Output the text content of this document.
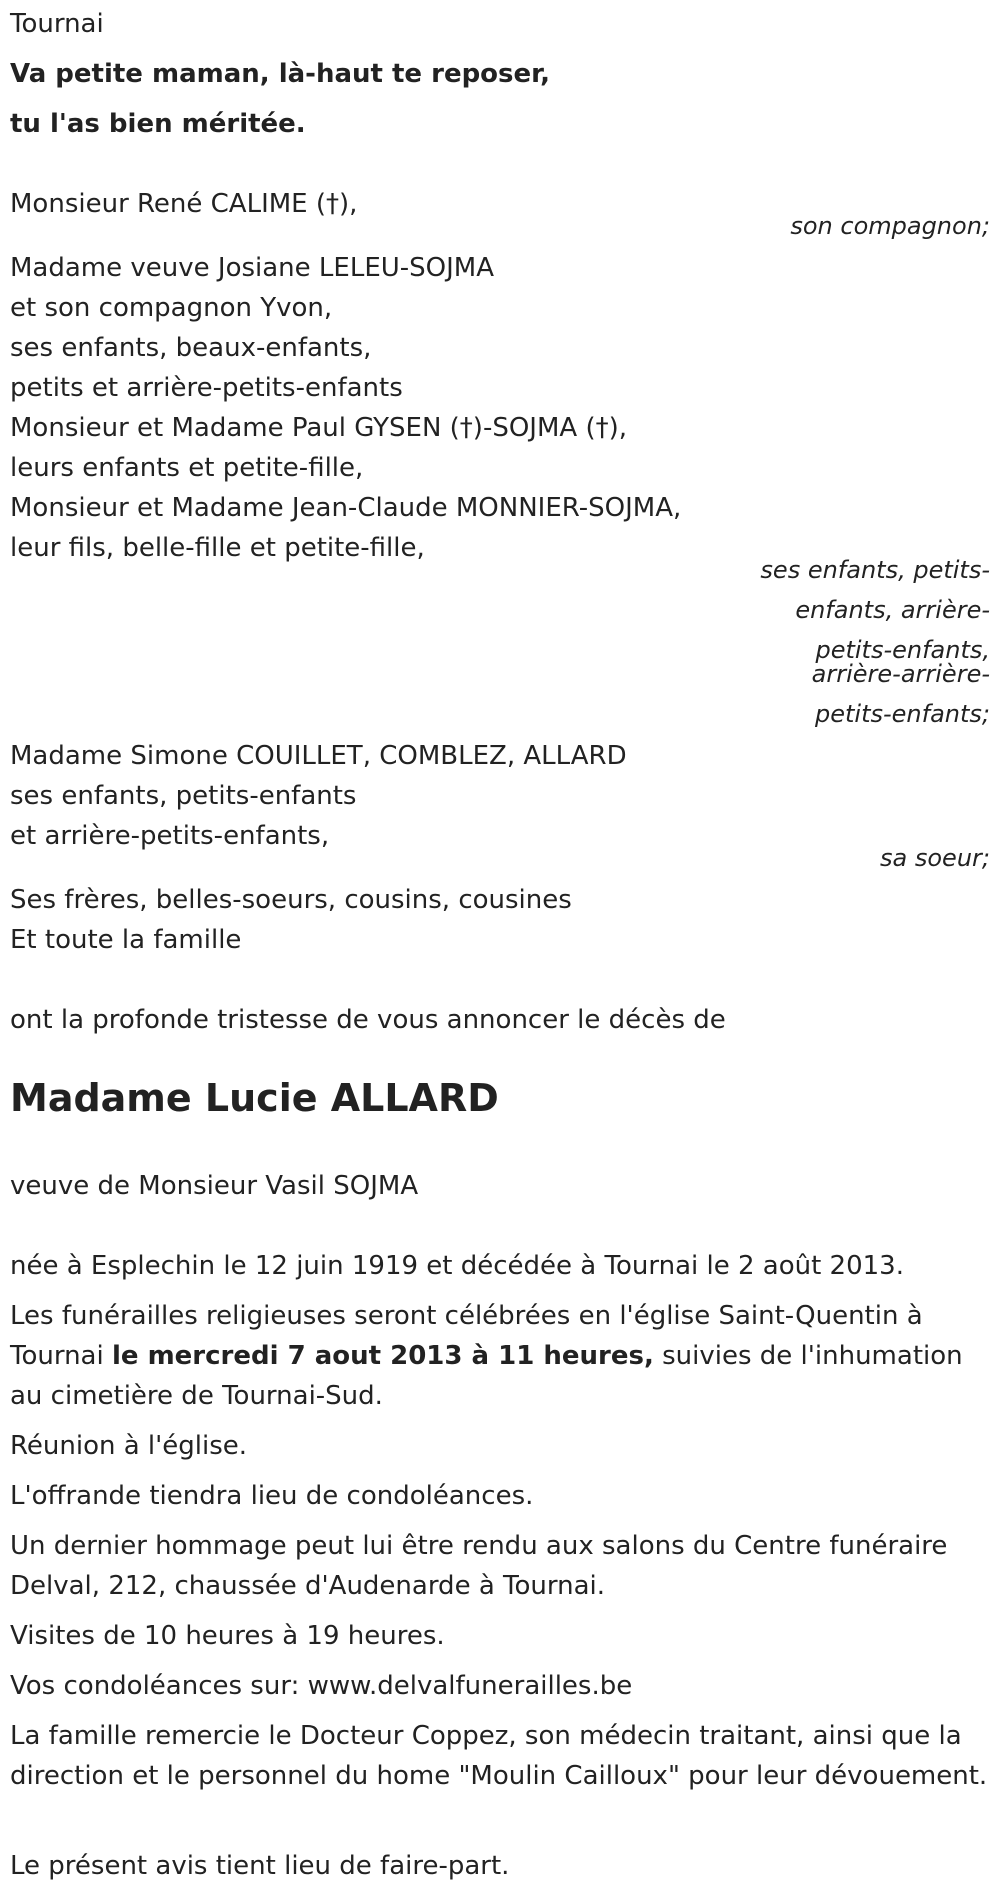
Tournai
Va petite maman, là-haut te reposer,
tu l'as bien méritée.
Monsieur René CALIME (†),
son compagnon;
Madame veuve Josiane LELEU-SOJMA
et son compagnon Yvon,
ses enfants, beaux-enfants,
petits et arrière-petits-enfants
Monsieur et Madame Paul GYSEN (†)-SOJMA (†),
leurs enfants et petite-fille,
Monsieur et Madame Jean-Claude MONNIER-SOJMA,
leur fils, belle-fille et petite-fille,
ses enfants, petits-
enfants, arrière-
petits-enfants,
arrière-arrière-
petits-enfants;
Madame Simone COUILLET, COMBLEZ, ALLARD
ses enfants, petits-enfants
et arrière-petits-enfants,
sa soeur;
Ses frères, belles-soeurs, cousins, cousines
Et toute la famille
ont la profonde tristesse de vous annoncer le décès de
Madame Lucie ALLARD
veuve de Monsieur Vasil SOJMA
née à Esplechin le 12 juin 1919 et décédée à Tournai le 2 août 2013.
Les funérailles religieuses seront célébrées en l'église Saint-Quentin à Tournai le mercredi 7 aout 2013 à 11 heures, suivies de l'inhumation au cimetière de Tournai-Sud.
Réunion à l'église.
L'offrande tiendra lieu de condoléances.
Un dernier hommage peut lui être rendu aux salons du Centre funéraire Delval, 212, chaussée d'Audenarde à Tournai.
Visites de 10 heures à 19 heures.
Vos condoléances sur: www.delvalfunerailles.be
La famille remercie le Docteur Coppez, son médecin traitant, ainsi que la direction et le personnel du home "Moulin Cailloux" pour leur dévouement.
Le présent avis tient lieu de faire-part.
